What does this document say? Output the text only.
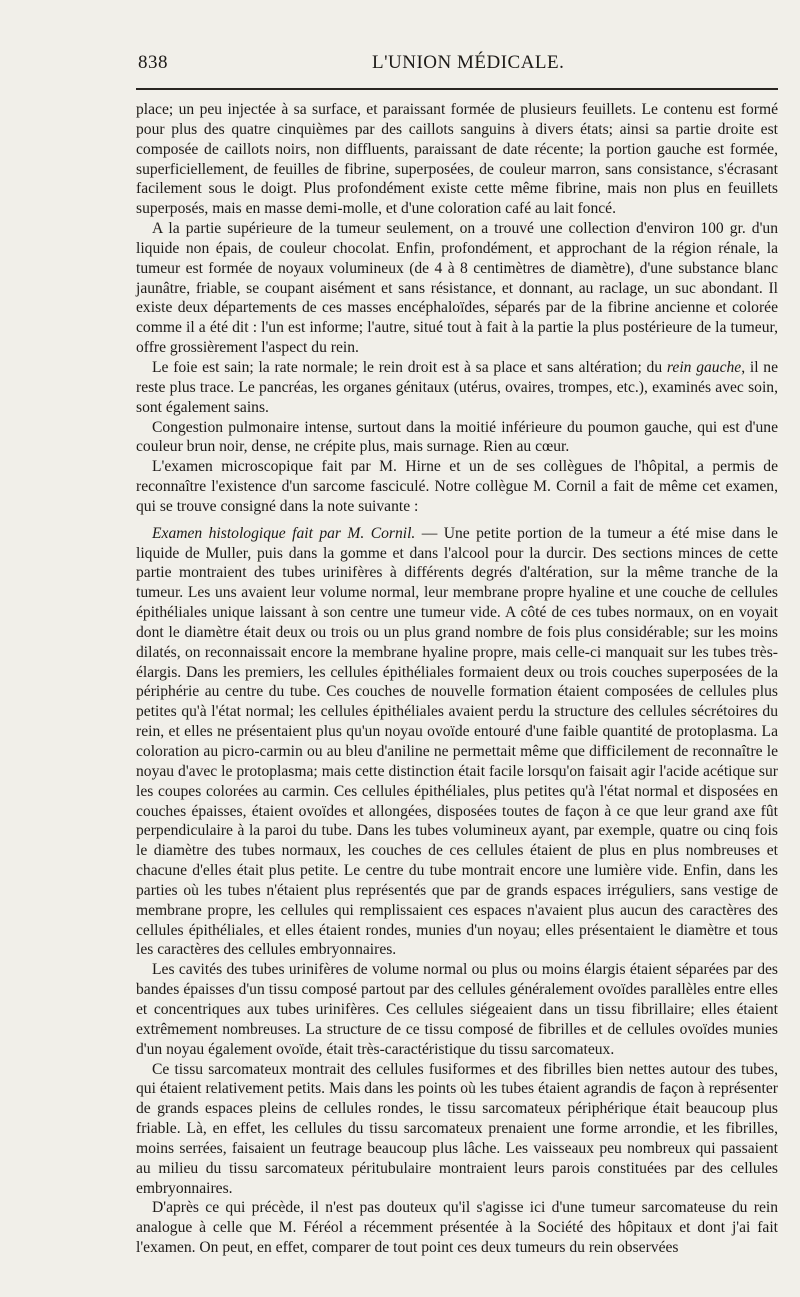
838	L'UNION MÉDICALE.

place; un peu injectée à sa surface, et paraissant formée de plusieurs feuillets. Le contenu est formé pour plus des quatre cinquièmes par des caillots sanguins à divers états; ainsi sa partie droite est composée de caillots noirs, non diffluents, paraissant de date récente; la portion gauche est formée, superficiellement, de feuilles de fibrine, superposées, de couleur marron, sans consistance, s'écrasant facilement sous le doigt. Plus profondément existe cette même fibrine, mais non plus en feuillets superposés, mais en masse demi-molle, et d'une coloration café au lait foncé.

A la partie supérieure de la tumeur seulement, on a trouvé une collection d'environ 100 gr. d'un liquide non épais, de couleur chocolat. Enfin, profondément, et approchant de la région rénale, la tumeur est formée de noyaux volumineux (de 4 à 8 centimètres de diamètre), d'une substance blanc jaunâtre, friable, se coupant aisément et sans résistance, et donnant, au raclage, un suc abondant. Il existe deux départements de ces masses encéphaloïdes, séparés par de la fibrine ancienne et colorée comme il a été dit : l'un est informe; l'autre, situé tout à fait à la partie la plus postérieure de la tumeur, offre grossièrement l'aspect du rein.

Le foie est sain; la rate normale; le rein droit est à sa place et sans altération; du rein gauche, il ne reste plus trace. Le pancréas, les organes génitaux (utérus, ovaires, trompes, etc.), examinés avec soin, sont également sains.

Congestion pulmonaire intense, surtout dans la moitié inférieure du poumon gauche, qui est d'une couleur brun noir, dense, ne crépite plus, mais surnage. Rien au cœur.

L'examen microscopique fait par M. Hirne et un de ses collègues de l'hôpital, a permis de reconnaître l'existence d'un sarcome fasciculé. Notre collègue M. Cornil a fait de même cet examen, qui se trouve consigné dans la note suivante :

Examen histologique fait par M. Cornil. — Une petite portion de la tumeur a été mise dans le liquide de Muller, puis dans la gomme et dans l'alcool pour la durcir. Des sections minces de cette partie montraient des tubes urinifères à différents degrés d'altération, sur la même tranche de la tumeur. Les uns avaient leur volume normal, leur membrane propre hyaline et une couche de cellules épithéliales unique laissant à son centre une tumeur vide. A côté de ces tubes normaux, on en voyait dont le diamètre était deux ou trois ou un plus grand nombre de fois plus considérable; sur les moins dilatés, on reconnaissait encore la membrane hyaline propre, mais celle-ci manquait sur les tubes très-élargis. Dans les premiers, les cellules épithéliales formaient deux ou trois couches superposées de la périphérie au centre du tube. Ces couches de nouvelle formation étaient composées de cellules plus petites qu'à l'état normal; les cellules épithéliales avaient perdu la structure des cellules sécrétoires du rein, et elles ne présentaient plus qu'un noyau ovoïde entouré d'une faible quantité de protoplasma. La coloration au picro-carmin ou au bleu d'aniline ne permettait même que difficilement de reconnaître le noyau d'avec le protoplasma; mais cette distinction était facile lorsqu'on faisait agir l'acide acétique sur les coupes colorées au carmin. Ces cellules épithéliales, plus petites qu'à l'état normal et disposées en couches épaisses, étaient ovoïdes et allongées, disposées toutes de façon à ce que leur grand axe fût perpendiculaire à la paroi du tube. Dans les tubes volumineux ayant, par exemple, quatre ou cinq fois le diamètre des tubes normaux, les couches de ces cellules étaient de plus en plus nombreuses et chacune d'elles était plus petite. Le centre du tube montrait encore une lumière vide. Enfin, dans les parties où les tubes n'étaient plus représentés que par de grands espaces irréguliers, sans vestige de membrane propre, les cellules qui remplissaient ces espaces n'avaient plus aucun des caractères des cellules épithéliales, et elles étaient rondes, munies d'un noyau; elles présentaient le diamètre et tous les caractères des cellules embryonnaires.

Les cavités des tubes urinifères de volume normal ou plus ou moins élargis étaient séparées par des bandes épaisses d'un tissu composé partout par des cellules généralement ovoïdes parallèles entre elles et concentriques aux tubes urinifères. Ces cellules siégeaient dans un tissu fibrillaire; elles étaient extrêmement nombreuses. La structure de ce tissu composé de fibrilles et de cellules ovoïdes munies d'un noyau également ovoïde, était très-caractéristique du tissu sarcomateux.

Ce tissu sarcomateux montrait des cellules fusiformes et des fibrilles bien nettes autour des tubes, qui étaient relativement petits. Mais dans les points où les tubes étaient agrandis de façon à représenter de grands espaces pleins de cellules rondes, le tissu sarcomateux périphérique était beaucoup plus friable. Là, en effet, les cellules du tissu sarcomateux prenaient une forme arrondie, et les fibrilles, moins serrées, faisaient un feutrage beaucoup plus lâche. Les vaisseaux peu nombreux qui passaient au milieu du tissu sarcomateux péritubulaire montraient leurs parois constituées par des cellules embryonnaires.

D'après ce qui précède, il n'est pas douteux qu'il s'agisse ici d'une tumeur sarcomateuse du rein analogue à celle que M. Féréol a récemment présentée à la Société des hôpitaux et dont j'ai fait l'examen. On peut, en effet, comparer de tout point ces deux tumeurs du rein observées
